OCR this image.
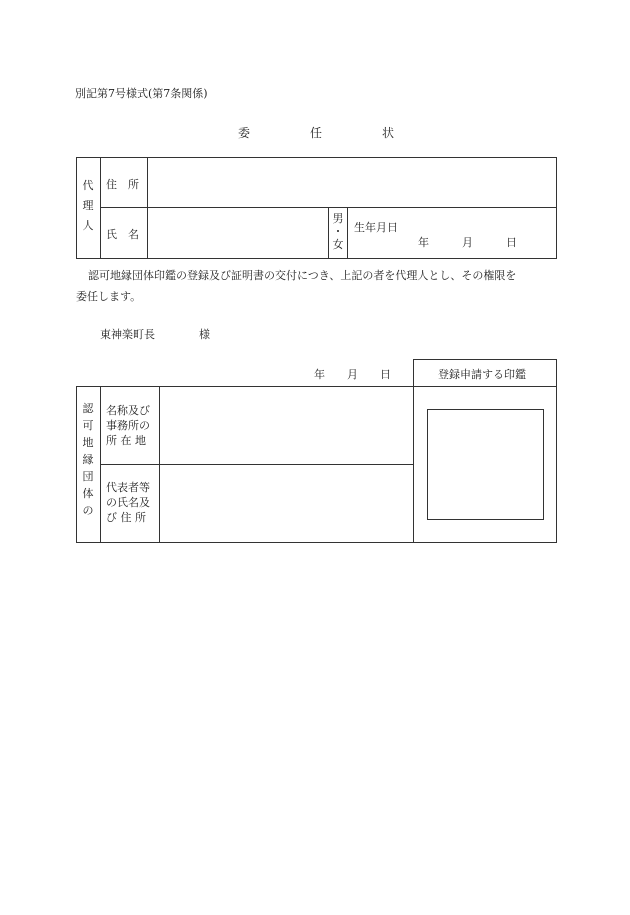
別記第7号様式(第7条関係)
委　　　　　任　　　　　状
代
理
人
住　所
氏　名
男
・
女
生年月日
年　　　月　　　日
認可地縁団体印鑑の登録及び証明書の交付につき、上記の者を代理人とし、その権限を
委任します。
東神楽町長　　　　様
年　　月　　日	登録申請する印鑑
認
可
地
縁
団
体
の
名称及び
事務所の
所 在 地
代表者等
の氏名及
び 住 所
